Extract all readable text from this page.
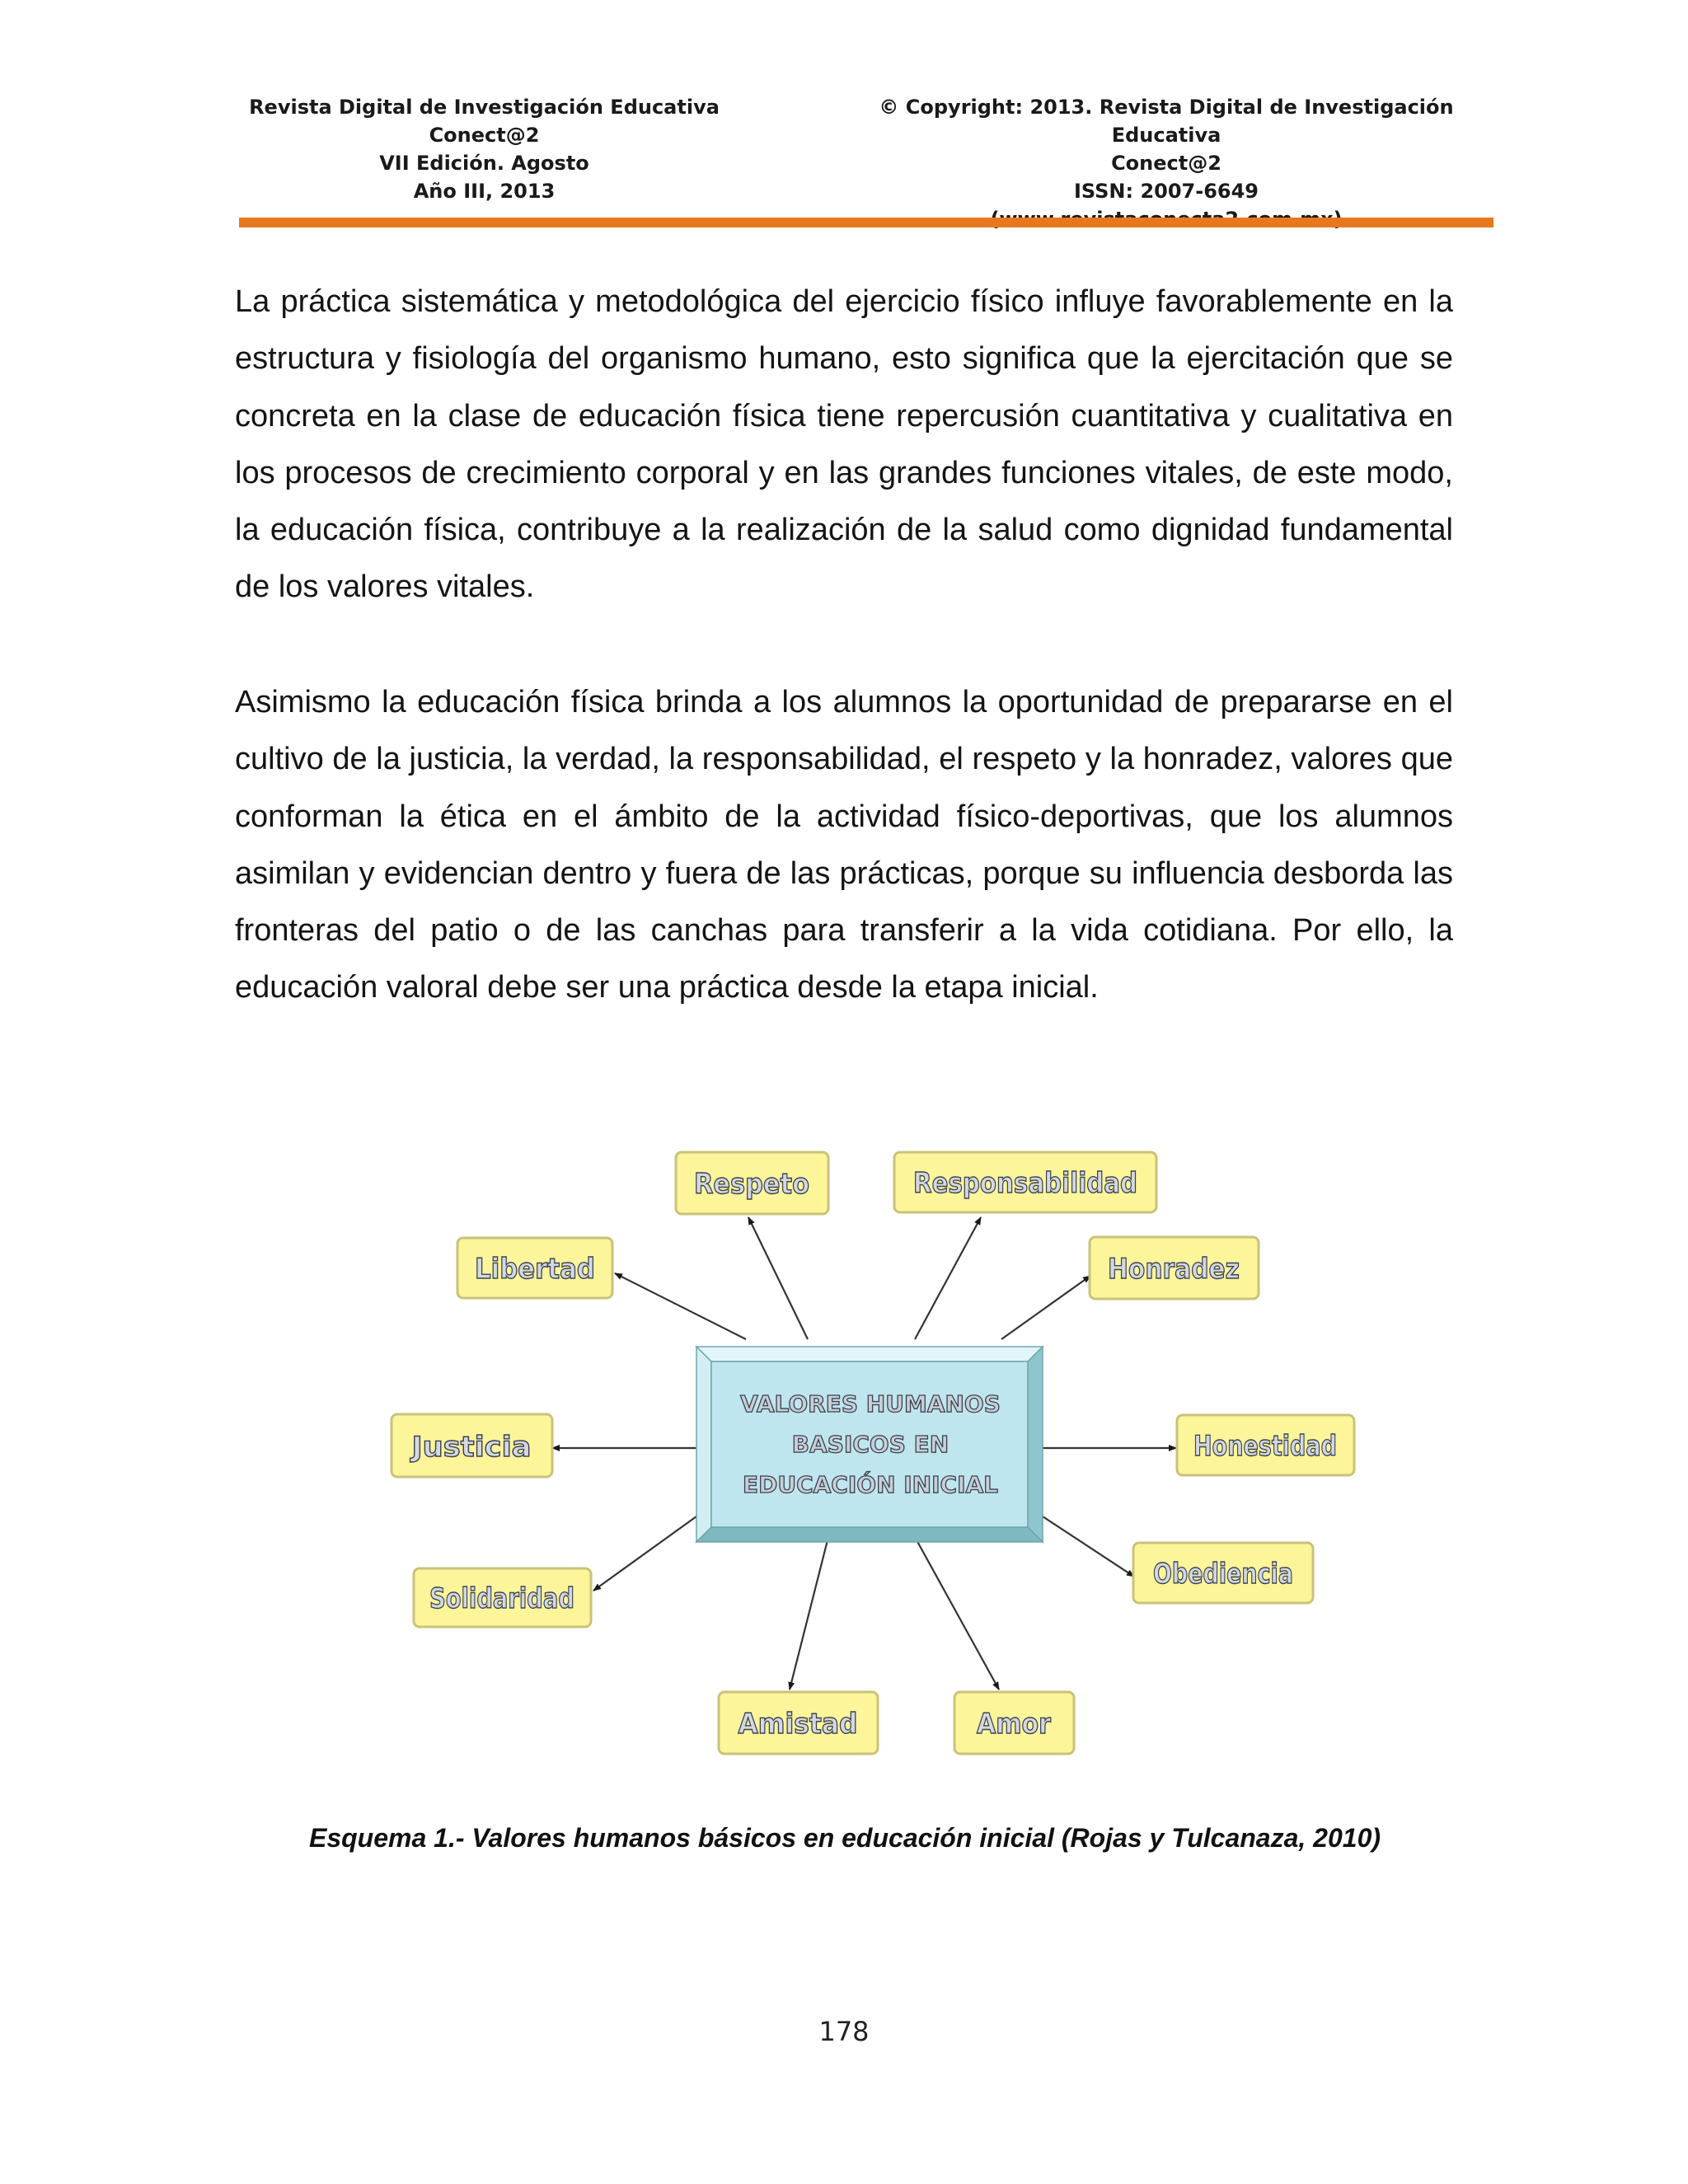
Revista Digital de Investigación Educativa
Conect@2
VII Edición. Agosto
Año III, 2013
© Copyright: 2013. Revista Digital de Investigación Educativa
Conect@2
ISSN: 2007-6649

La práctica sistemática y metodológica del ejercicio físico influye favorablemente en la estructura y fisiología del organismo humano, esto significa que la ejercitación que se concreta en la clase de educación física tiene repercusión cuantitativa y cualitativa en los procesos de crecimiento corporal y en las grandes funciones vitales, de este modo, la educación física, contribuye a la realización de la salud como dignidad fundamental de los valores vitales.

Asimismo la educación física brinda a los alumnos la oportunidad de prepararse en el cultivo de la justicia, la verdad, la responsabilidad, el respeto y la honradez, valores que conforman la ética en el ámbito de la actividad físico-deportivas, que los alumnos asimilan y evidencian dentro y fuera de las prácticas, porque su influencia desborda las fronteras del patio o de las canchas para transferir a la vida cotidiana. Por ello, la educación valoral debe ser una práctica desde la etapa inicial.

VALORES HUMANOS
BASICOS EN
EDUCACIÓN INICIAL
Respeto	Responsabilidad
Libertad	Honradez
Justicia	Honestidad
Solidaridad
Obediencia
Amistad	Amor
Esquema 1.- Valores humanos básicos en educación inicial (Rojas y Tulcanaza, 2010)
178
